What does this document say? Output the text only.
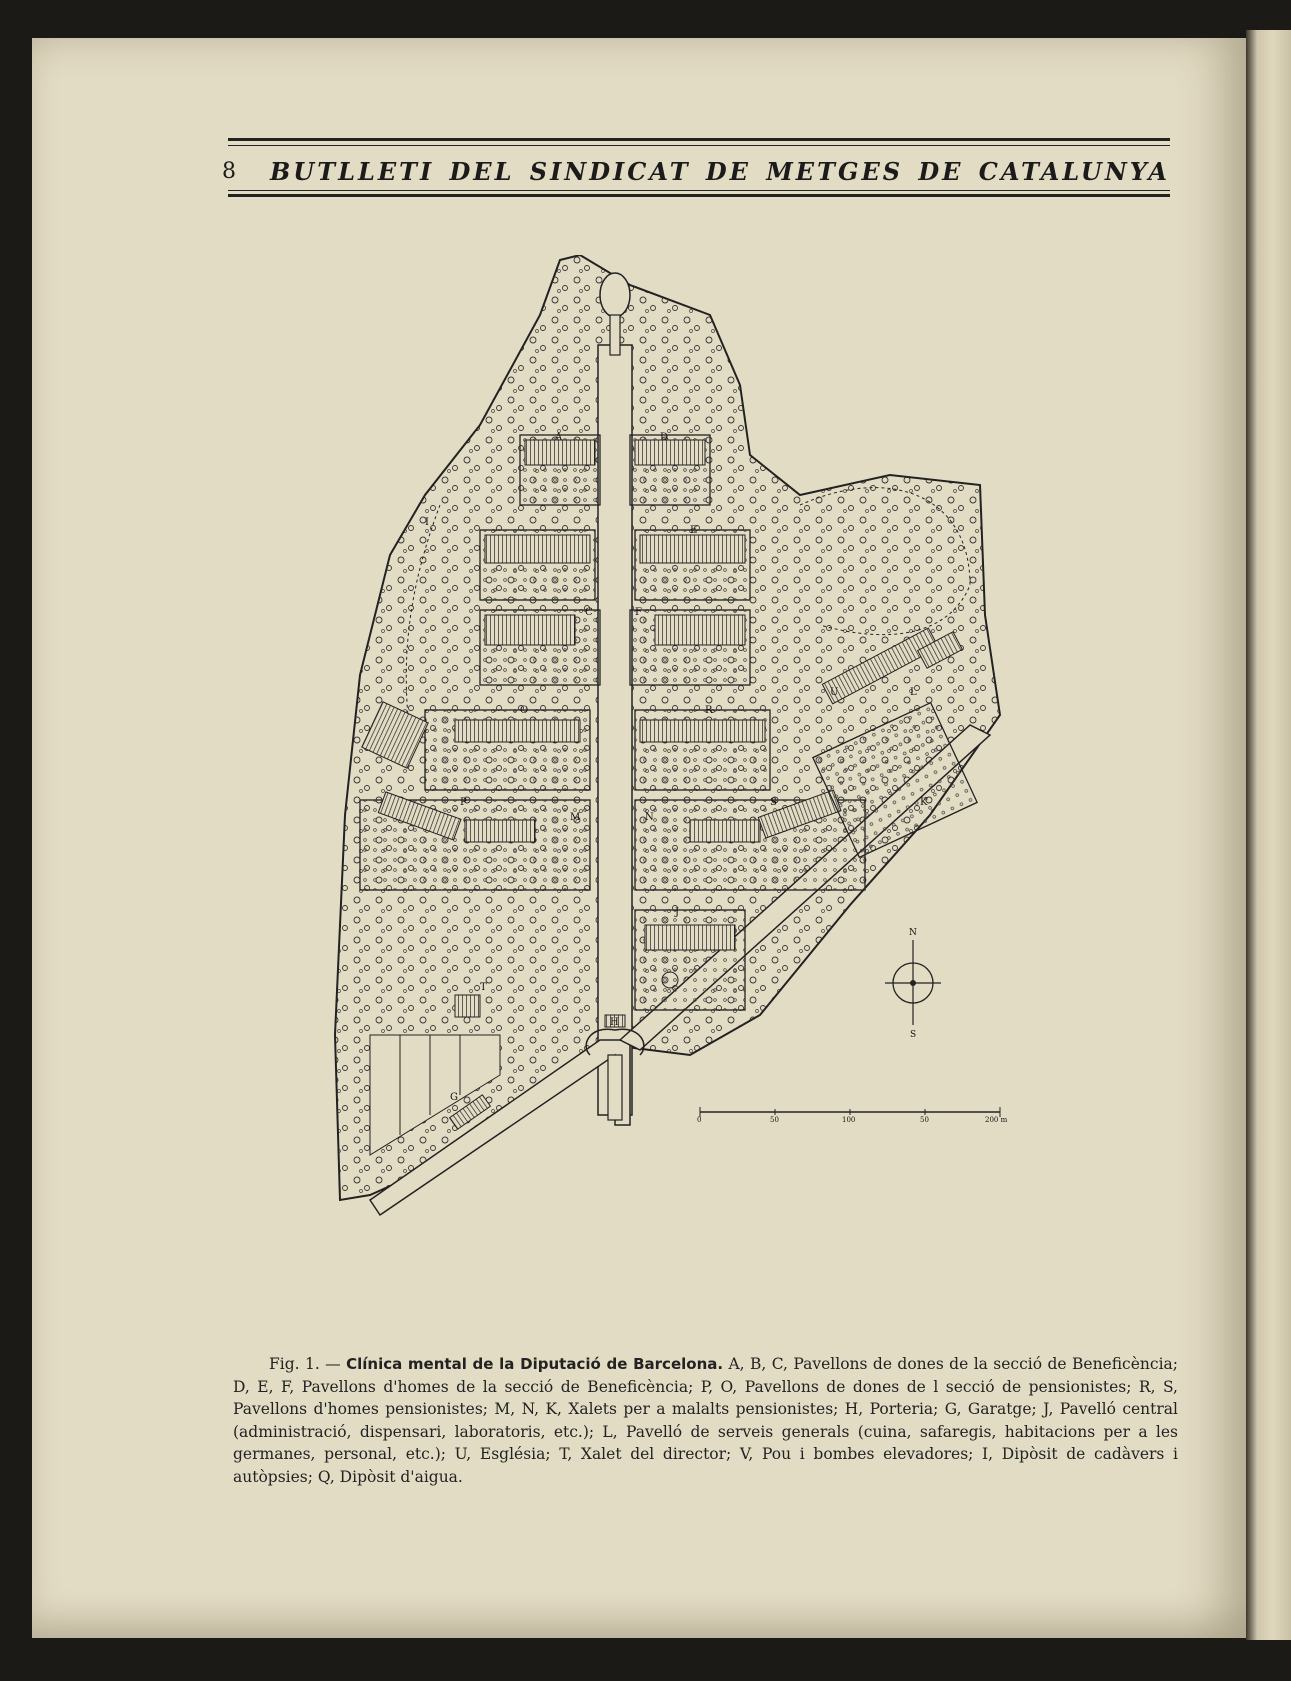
8	BUTLLETI DEL SINDICAT DE METGES DE CATALUNYA
A	D
E
C	F
O	R
P	S
M	N
J
U	L
K
T
H
G
I
N
S
0	50	100	50	200 m
Fig. 1. — Clínica mental de la Diputació de Barcelona. A, B, C, Pavellons de dones de la secció de Beneficència; D, E, F, Pavellons d'homes de la secció de Beneficència; P, O, Pavellons de dones de l secció de pensionistes; R, S, Pavellons d'homes pensionistes; M, N, K, Xalets per a malalts pensionistes; H, Porteria; G, Garatge; J, Pavelló central (administració, dispensari, laboratoris, etc.); L, Pavelló de serveis generals (cuina, safaregis, habitacions per a les germanes, personal, etc.); U, Església; T, Xalet del director; V, Pou i bombes elevadores; I, Dipòsit de cadàvers i autòpsies; Q, Dipòsit d'aigua.
